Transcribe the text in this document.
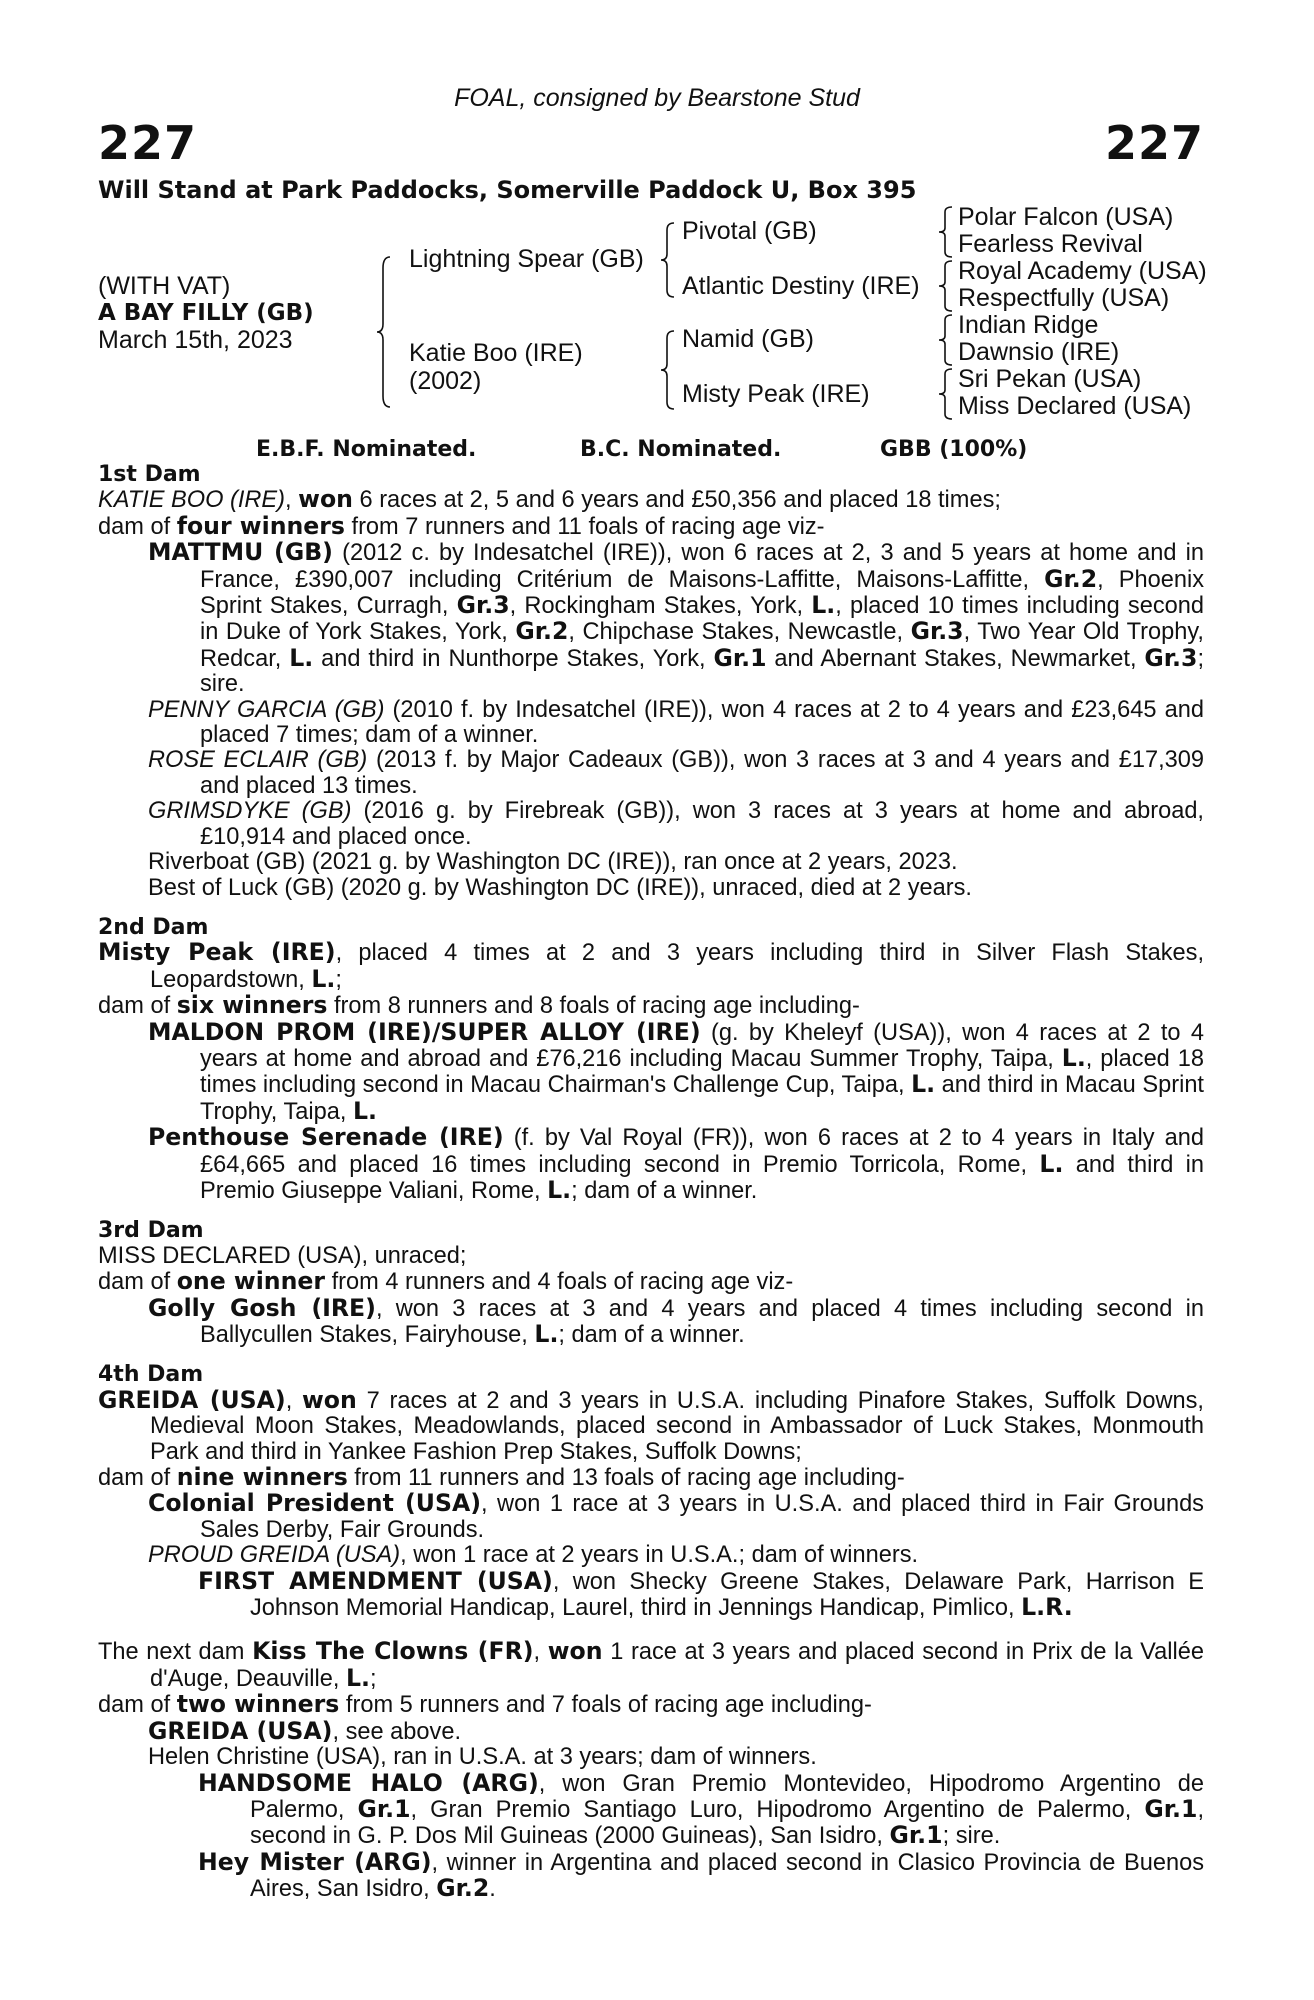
FOAL, consigned by Bearstone Stud
227	227
Will Stand at Park Paddocks, Somerville Paddock U, Box 395
(WITH VAT)
A BAY FILLY (GB)
March 15th, 2023
Lightning Spear (GB)
Katie Boo (IRE)
(2002)
Pivotal (GB)
Atlantic Destiny (IRE)
Namid (GB)
Misty Peak (IRE)
Polar Falcon (USA)
Fearless Revival
Royal Academy (USA)
Respectfully (USA)
Indian Ridge
Dawnsio (IRE)
Sri Pekan (USA)
Miss Declared (USA)
E.B.F. Nominated.	B.C. Nominated.	GBB (100%)

1st Dam

KATIE BOO (IRE), won 6 races at 2, 5 and 6 years and £50,356 and placed 18 times;

dam of four winners from 7 runners and 11 foals of racing age viz-

MATTMU (GB) (2012 c. by Indesatchel (IRE)), won 6 races at 2, 3 and 5 years at home and in France, £390,007 including Critérium de Maisons-Laffitte, Maisons-Laffitte, Gr.2, Phoenix Sprint Stakes, Curragh, Gr.3, Rockingham Stakes, York, L., placed 10 times including second in Duke of York Stakes, York, Gr.2, Chipchase Stakes, Newcastle, Gr.3, Two Year Old Trophy, Redcar, L. and third in Nunthorpe Stakes, York, Gr.1 and Abernant Stakes, Newmarket, Gr.3; sire.

PENNY GARCIA (GB) (2010 f. by Indesatchel (IRE)), won 4 races at 2 to 4 years and £23,645 and placed 7 times; dam of a winner.

ROSE ECLAIR (GB) (2013 f. by Major Cadeaux (GB)), won 3 races at 3 and 4 years and £17,309 and placed 13 times.

GRIMSDYKE (GB) (2016 g. by Firebreak (GB)), won 3 races at 3 years at home and abroad, £10,914 and placed once.

Riverboat (GB) (2021 g. by Washington DC (IRE)), ran once at 2 years, 2023.

Best of Luck (GB) (2020 g. by Washington DC (IRE)), unraced, died at 2 years.

2nd Dam

Misty Peak (IRE), placed 4 times at 2 and 3 years including third in Silver Flash Stakes, Leopardstown, L.;

dam of six winners from 8 runners and 8 foals of racing age including-

MALDON PROM (IRE)/SUPER ALLOY (IRE) (g. by Kheleyf (USA)), won 4 races at 2 to 4 years at home and abroad and £76,216 including Macau Summer Trophy, Taipa, L., placed 18 times including second in Macau Chairman's Challenge Cup, Taipa, L. and third in Macau Sprint Trophy, Taipa, L.

Penthouse Serenade (IRE) (f. by Val Royal (FR)), won 6 races at 2 to 4 years in Italy and £64,665 and placed 16 times including second in Premio Torricola, Rome, L. and third in Premio Giuseppe Valiani, Rome, L.; dam of a winner.

3rd Dam

MISS DECLARED (USA), unraced;

dam of one winner from 4 runners and 4 foals of racing age viz-

Golly Gosh (IRE), won 3 races at 3 and 4 years and placed 4 times including second in Ballycullen Stakes, Fairyhouse, L.; dam of a winner.

4th Dam

GREIDA (USA), won 7 races at 2 and 3 years in U.S.A. including Pinafore Stakes, Suffolk Downs, Medieval Moon Stakes, Meadowlands, placed second in Ambassador of Luck Stakes, Monmouth Park and third in Yankee Fashion Prep Stakes, Suffolk Downs;

dam of nine winners from 11 runners and 13 foals of racing age including-

Colonial President (USA), won 1 race at 3 years in U.S.A. and placed third in Fair Grounds Sales Derby, Fair Grounds.

PROUD GREIDA (USA), won 1 race at 2 years in U.S.A.; dam of winners.

FIRST AMENDMENT (USA), won Shecky Greene Stakes, Delaware Park, Harrison E Johnson Memorial Handicap, Laurel, third in Jennings Handicap, Pimlico, L.R.

The next dam Kiss The Clowns (FR), won 1 race at 3 years and placed second in Prix de la Vallée d'Auge, Deauville, L.;

dam of two winners from 5 runners and 7 foals of racing age including-

GREIDA (USA), see above.

Helen Christine (USA), ran in U.S.A. at 3 years; dam of winners.

HANDSOME HALO (ARG), won Gran Premio Montevideo, Hipodromo Argentino de Palermo, Gr.1, Gran Premio Santiago Luro, Hipodromo Argentino de Palermo, Gr.1, second in G. P. Dos Mil Guineas (2000 Guineas), San Isidro, Gr.1; sire.

Hey Mister (ARG), winner in Argentina and placed second in Clasico Provincia de Buenos Aires, San Isidro, Gr.2.
